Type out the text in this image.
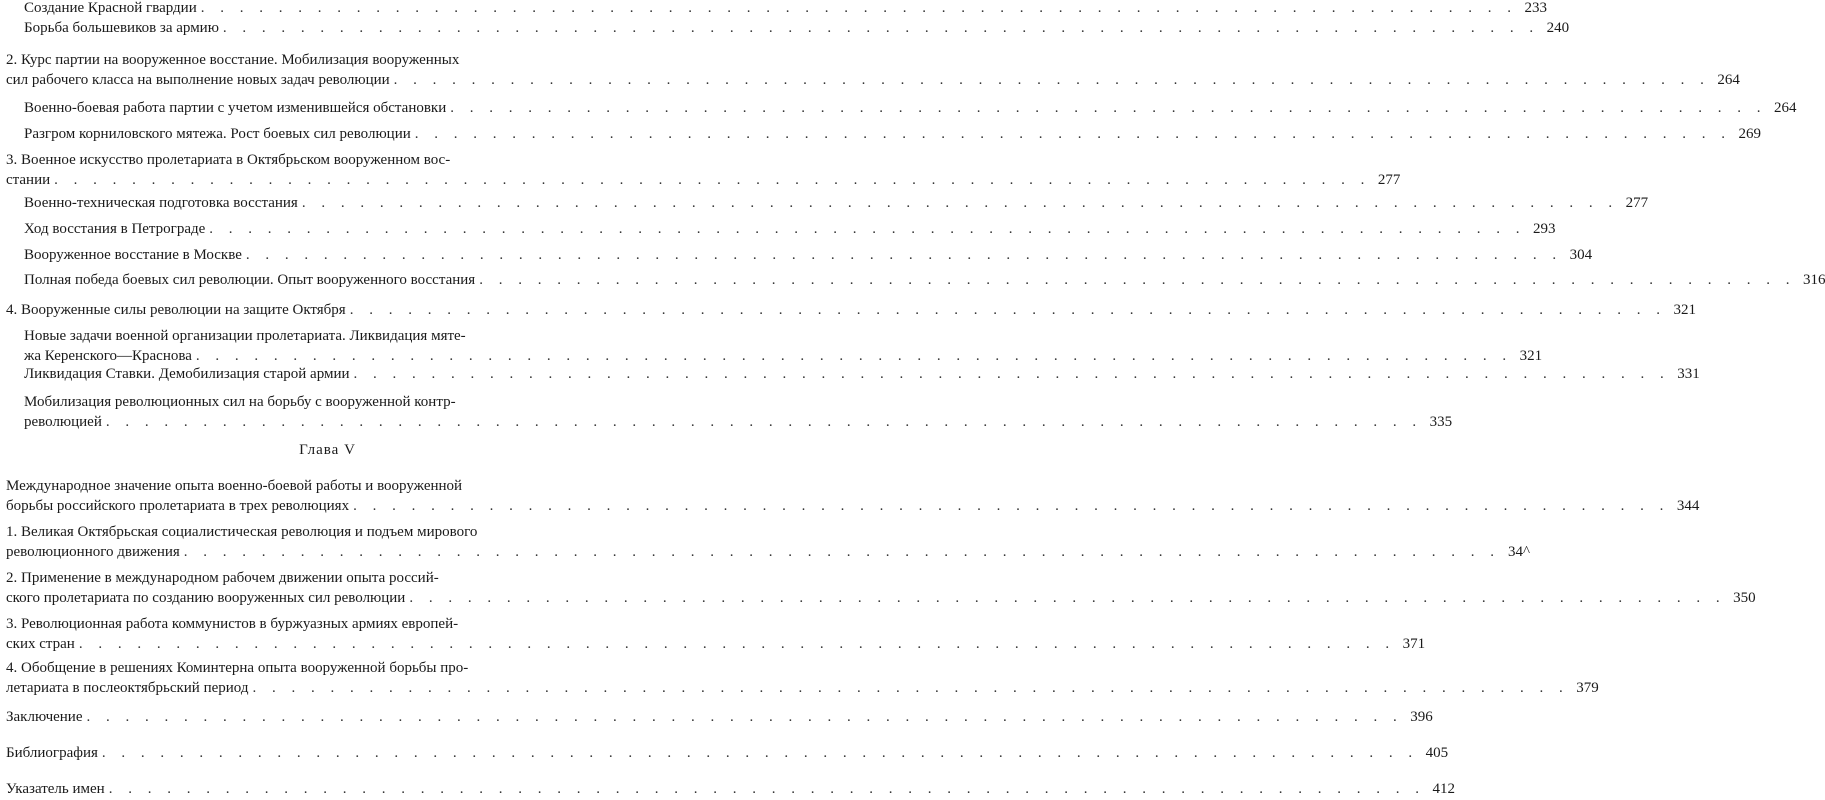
Создание Красной гвардии . . . . . . . . . . . . . . . . . . . . . . . . . . . . . . . . . . . . . . . . . . . . . . . . . . . . . . . . . . . . . . . . . . . . 233
Борьба большевиков за армию . . . . . . . . . . . . . . . . . . . . . . . . . . . . . . . . . . . . . . . . . . . . . . . . . . . . . . . . . . . . . . . . . . . . 240
2. Курс партии на вооруженное восстание. Мобилизация вооруженных
сил рабочего класса на выполнение новых задач революции . . . . . . . . . . . . . . . . . . . . . . . . . . . . . . . . . . . . . . . . . . . . . . . . . . . . . . . . . . . . . . . . . . . . 264
Военно-боевая работа партии с учетом изменившейся обстановки . . . . . . . . . . . . . . . . . . . . . . . . . . . . . . . . . . . . . . . . . . . . . . . . . . . . . . . . . . . . . . . . . . . . 264
Разгром корниловского мятежа. Рост боевых сил революции . . . . . . . . . . . . . . . . . . . . . . . . . . . . . . . . . . . . . . . . . . . . . . . . . . . . . . . . . . . . . . . . . . . . 269
3. Военное искусство пролетариата в Октябрьском вооруженном вос-
стании . . . . . . . . . . . . . . . . . . . . . . . . . . . . . . . . . . . . . . . . . . . . . . . . . . . . . . . . . . . . . . . . . . . . 277
Военно-техническая подготовка восстания . . . . . . . . . . . . . . . . . . . . . . . . . . . . . . . . . . . . . . . . . . . . . . . . . . . . . . . . . . . . . . . . . . . . 277
Ход восстания в Петрограде . . . . . . . . . . . . . . . . . . . . . . . . . . . . . . . . . . . . . . . . . . . . . . . . . . . . . . . . . . . . . . . . . . . . 293
Вооруженное восстание в Москве . . . . . . . . . . . . . . . . . . . . . . . . . . . . . . . . . . . . . . . . . . . . . . . . . . . . . . . . . . . . . . . . . . . . 304
Полная победа боевых сил революции. Опыт вооруженного восстания . . . . . . . . . . . . . . . . . . . . . . . . . . . . . . . . . . . . . . . . . . . . . . . . . . . . . . . . . . . . . . . . . . . . 316
4. Вооруженные силы революции на защите Октября . . . . . . . . . . . . . . . . . . . . . . . . . . . . . . . . . . . . . . . . . . . . . . . . . . . . . . . . . . . . . . . . . . . . 321
Новые задачи военной организации пролетариата. Ликвидация мяте-
жа Керенского—Краснова . . . . . . . . . . . . . . . . . . . . . . . . . . . . . . . . . . . . . . . . . . . . . . . . . . . . . . . . . . . . . . . . . . . . 321
Ликвидация Ставки. Демобилизация старой армии . . . . . . . . . . . . . . . . . . . . . . . . . . . . . . . . . . . . . . . . . . . . . . . . . . . . . . . . . . . . . . . . . . . . 331
Мобилизация революционных сил на борьбу с вооруженной контр-
революцией . . . . . . . . . . . . . . . . . . . . . . . . . . . . . . . . . . . . . . . . . . . . . . . . . . . . . . . . . . . . . . . . . . . . 335
Глава V
Международное значение опыта военно-боевой работы и вооруженной
борьбы российского пролетариата в трех революциях . . . . . . . . . . . . . . . . . . . . . . . . . . . . . . . . . . . . . . . . . . . . . . . . . . . . . . . . . . . . . . . . . . . . 344
1. Великая Октябрьская социалистическая революция и подъем мирового
революционного движения . . . . . . . . . . . . . . . . . . . . . . . . . . . . . . . . . . . . . . . . . . . . . . . . . . . . . . . . . . . . . . . . . . . . 34^
2. Применение в международном рабочем движении опыта россий-
ского пролетариата по созданию вооруженных сил революции . . . . . . . . . . . . . . . . . . . . . . . . . . . . . . . . . . . . . . . . . . . . . . . . . . . . . . . . . . . . . . . . . . . . 350
3. Революционная работа коммунистов в буржуазных армиях европей-
ских стран . . . . . . . . . . . . . . . . . . . . . . . . . . . . . . . . . . . . . . . . . . . . . . . . . . . . . . . . . . . . . . . . . . . . 371
4. Обобщение в решениях Коминтерна опыта вооруженной борьбы про-
летариата в послеоктябрьский период . . . . . . . . . . . . . . . . . . . . . . . . . . . . . . . . . . . . . . . . . . . . . . . . . . . . . . . . . . . . . . . . . . . . 379
Заключение . . . . . . . . . . . . . . . . . . . . . . . . . . . . . . . . . . . . . . . . . . . . . . . . . . . . . . . . . . . . . . . . . . . . 396
Библиография . . . . . . . . . . . . . . . . . . . . . . . . . . . . . . . . . . . . . . . . . . . . . . . . . . . . . . . . . . . . . . . . . . . . 405
Указатель имен . . . . . . . . . . . . . . . . . . . . . . . . . . . . . . . . . . . . . . . . . . . . . . . . . . . . . . . . . . . . . . . . . . . . 412
